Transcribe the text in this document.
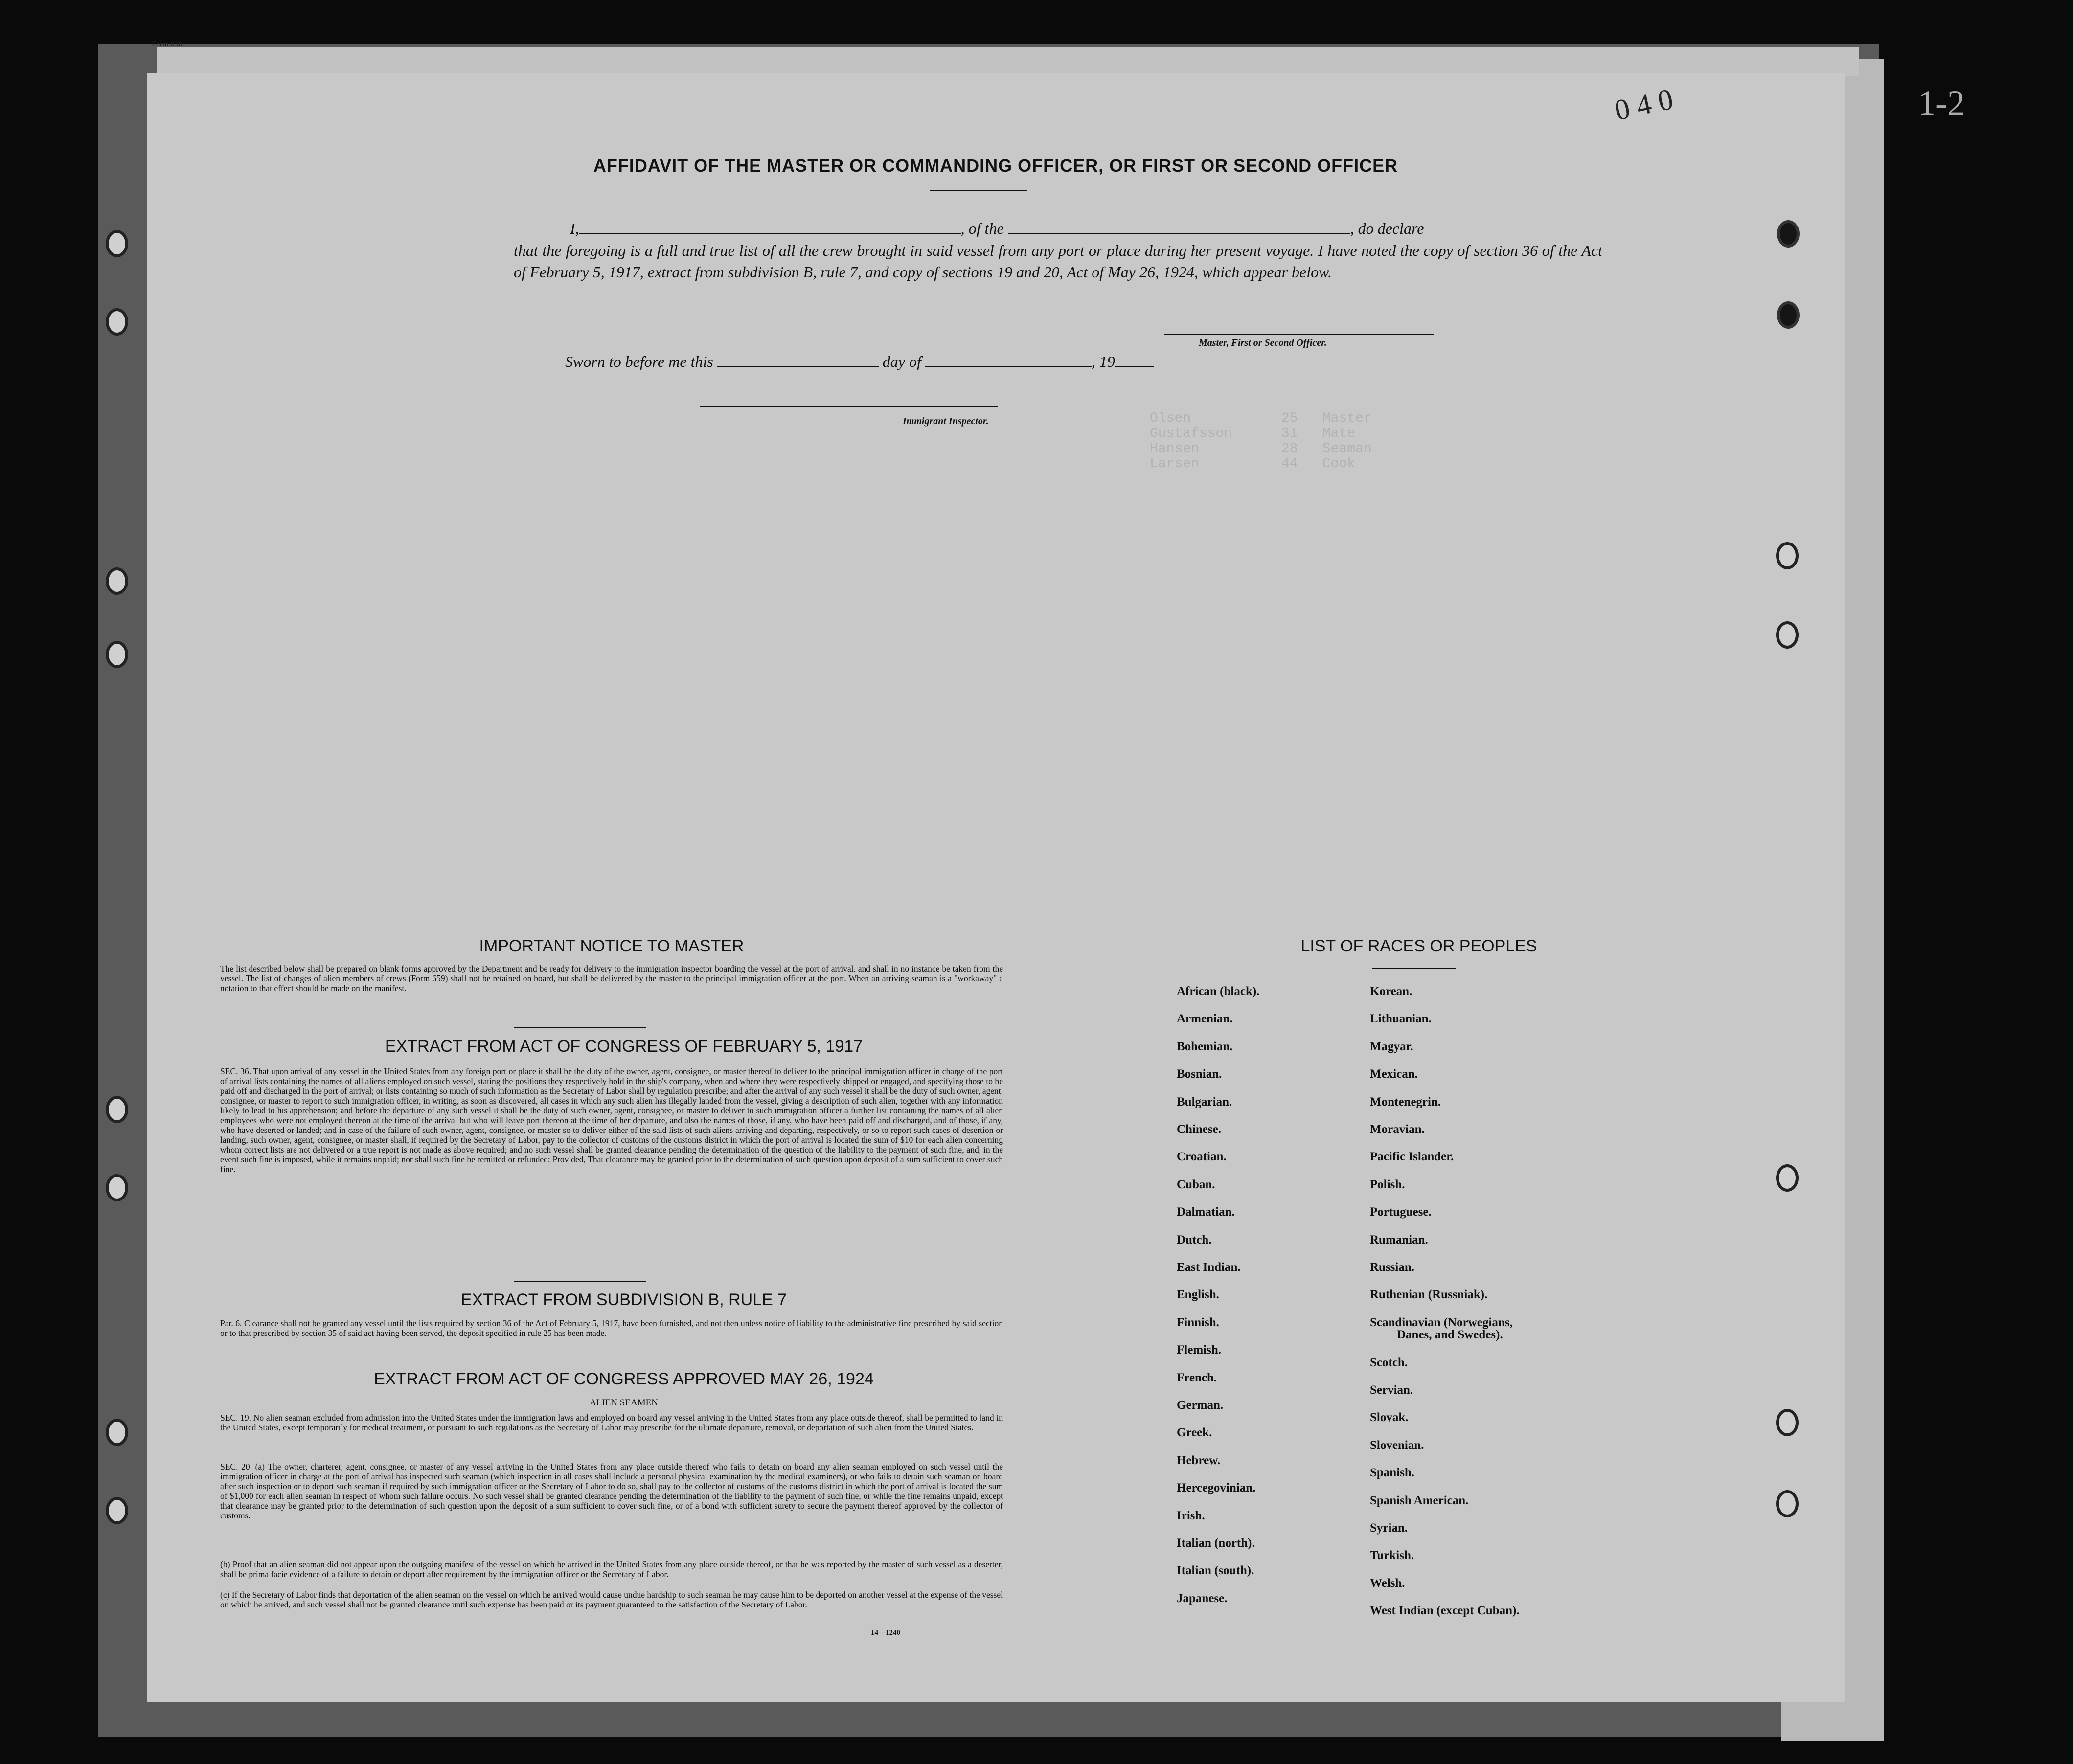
Form 630
Olsen           25   Master
Gustafsson      31   Mate
Hansen          28   Seaman
Larsen          44   Cook
AFFIDAVIT OF THE MASTER OR COMMANDING OFFICER, OR FIRST OR SECOND OFFICER
I,	, of the	, do declare
that the foregoing is a full and true list of all the crew brought in said vessel from any port or place during her present voyage. I have noted the copy of section 36 of the Act of February 5, 1917, extract from subdivision B, rule 7, and copy of sections 19 and 20, Act of May 26, 1924, which appear below.
Master, First or Second Officer.
Sworn to before me this	day of	, 19
Immigrant Inspector.
IMPORTANT NOTICE TO MASTER
The list described below shall be prepared on blank forms approved by the Department and be ready for delivery to the immigration inspector boarding the vessel at the port of arrival, and shall in no instance be taken from the vessel. The list of changes of alien members of crews (Form 659) shall not be retained on board, but shall be delivered by the master to the principal immigration officer at the port. When an arriving seaman is a "workaway" a notation to that effect should be made on the manifest.
EXTRACT FROM ACT OF CONGRESS OF FEBRUARY 5, 1917
SEC. 36. That upon arrival of any vessel in the United States from any foreign port or place it shall be the duty of the owner, agent, consignee, or master thereof to deliver to the principal immigration officer in charge of the port of arrival lists containing the names of all aliens employed on such vessel, stating the positions they respectively hold in the ship's company, when and where they were respectively shipped or engaged, and specifying those to be paid off and discharged in the port of arrival; or lists containing so much of such information as the Secretary of Labor shall by regulation prescribe; and after the arrival of any such vessel it shall be the duty of such owner, agent, consignee, or master to report to such immigration officer, in writing, as soon as discovered, all cases in which any such alien has illegally landed from the vessel, giving a description of such alien, together with any information likely to lead to his apprehension; and before the departure of any such vessel it shall be the duty of such owner, agent, consignee, or master to deliver to such immigration officer a further list containing the names of all alien employees who were not employed thereon at the time of the arrival but who will leave port thereon at the time of her departure, and also the names of those, if any, who have been paid off and discharged, and of those, if any, who have deserted or landed; and in case of the failure of such owner, agent, consignee, or master so to deliver either of the said lists of such aliens arriving and departing, respectively, or so to report such cases of desertion or landing, such owner, agent, consignee, or master shall, if required by the Secretary of Labor, pay to the collector of customs of the customs district in which the port of arrival is located the sum of $10 for each alien concerning whom correct lists are not delivered or a true report is not made as above required; and no such vessel shall be granted clearance pending the determination of the question of the liability to the payment of such fine, and, in the event such fine is imposed, while it remains unpaid; nor shall such fine be remitted or refunded: Provided, That clearance may be granted prior to the determination of such question upon deposit of a sum sufficient to cover such fine.
EXTRACT FROM SUBDIVISION B, RULE 7
Par. 6. Clearance shall not be granted any vessel until the lists required by section 36 of the Act of February 5, 1917, have been furnished, and not then unless notice of liability to the administrative fine prescribed by said section or to that prescribed by section 35 of said act having been served, the deposit specified in rule 25 has been made.
EXTRACT FROM ACT OF CONGRESS APPROVED MAY 26, 1924
ALIEN SEAMEN
SEC. 19. No alien seaman excluded from admission into the United States under the immigration laws and employed on board any vessel arriving in the United States from any place outside thereof, shall be permitted to land in the United States, except temporarily for medical treatment, or pursuant to such regulations as the Secretary of Labor may prescribe for the ultimate departure, removal, or deportation of such alien from the United States.
SEC. 20. (a) The owner, charterer, agent, consignee, or master of any vessel arriving in the United States from any place outside thereof who fails to detain on board any alien seaman employed on such vessel until the immigration officer in charge at the port of arrival has inspected such seaman (which inspection in all cases shall include a personal physical examination by the medical examiners), or who fails to detain such seaman on board after such inspection or to deport such seaman if required by such immigration officer or the Secretary of Labor to do so, shall pay to the collector of customs of the customs district in which the port of arrival is located the sum of $1,000 for each alien seaman in respect of whom such failure occurs. No such vessel shall be granted clearance pending the determination of the liability to the payment of such fine, or while the fine remains unpaid, except that clearance may be granted prior to the determination of such question upon the deposit of a sum sufficient to cover such fine, or of a bond with sufficient surety to secure the payment thereof approved by the collector of customs.
(b) Proof that an alien seaman did not appear upon the outgoing manifest of the vessel on which he arrived in the United States from any place outside thereof, or that he was reported by the master of such vessel as a deserter, shall be prima facie evidence of a failure to detain or deport after requirement by the immigration officer or the Secretary of Labor.
(c) If the Secretary of Labor finds that deportation of the alien seaman on the vessel on which he arrived would cause undue hardship to such seaman he may cause him to be deported on another vessel at the expense of the vessel on which he arrived, and such vessel shall not be granted clearance until such expense has been paid or its payment guaranteed to the satisfaction of the Secretary of Labor.
14—1240
LIST OF RACES OR PEOPLES
African (black).
Armenian.
Bohemian.
Bosnian.
Bulgarian.
Chinese.
Croatian.
Cuban.
Dalmatian.
Dutch.
East Indian.
English.
Finnish.
Flemish.
French.
German.
Greek.
Hebrew.
Hercegovinian.
Irish.
Italian (north).
Italian (south).
Japanese.
Korean.
Lithuanian.
Magyar.
Mexican.
Montenegrin.
Moravian.
Pacific Islander.
Polish.
Portuguese.
Rumanian.
Russian.
Ruthenian (Russniak).
Scandinavian (Norwegians,
Danes, and Swedes).
Scotch.
Servian.
Slovak.
Slovenian.
Spanish.
Spanish American.
Syrian.
Turkish.
Welsh.
West Indian (except Cuban).
0 4 0	1-2
